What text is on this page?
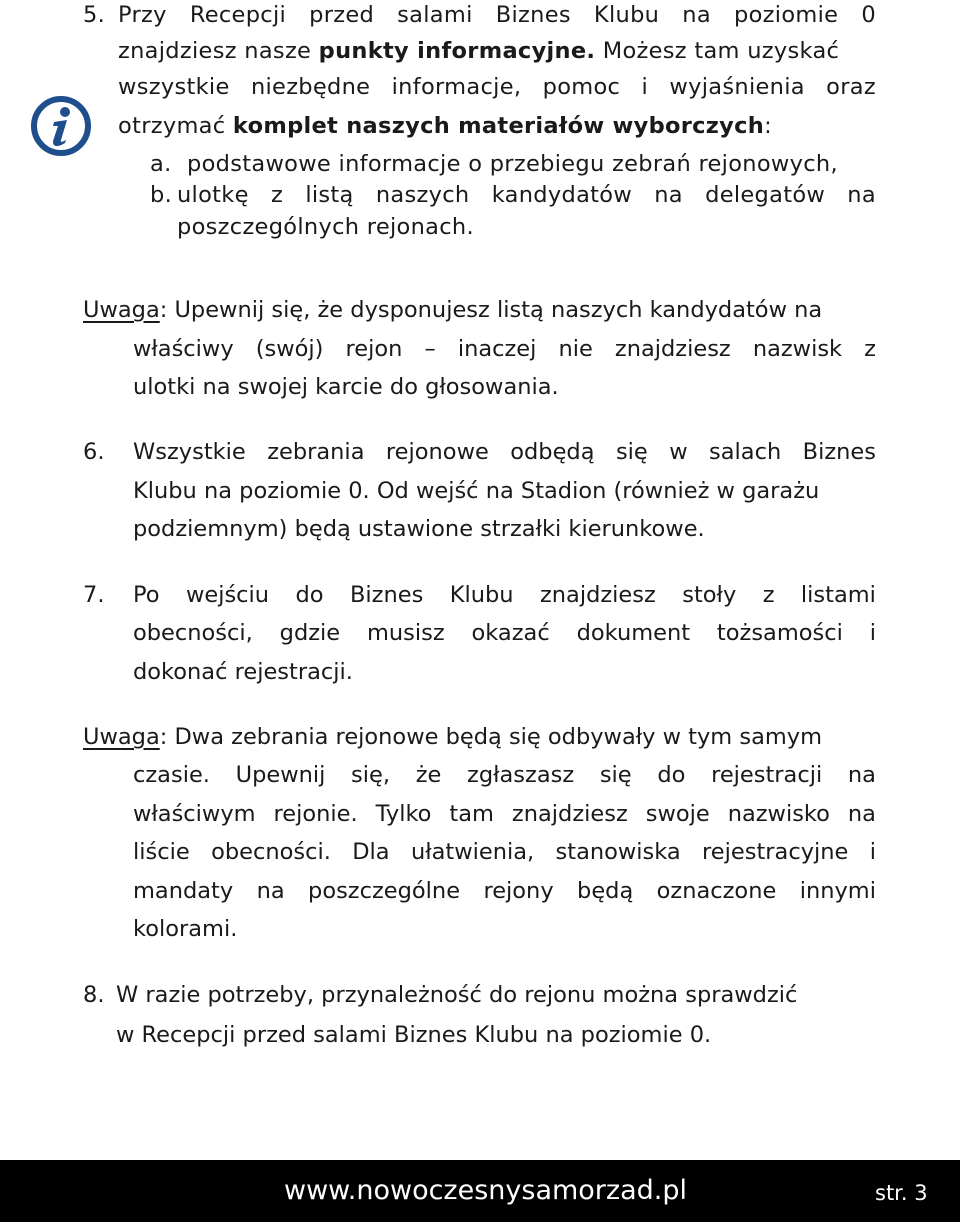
5. Przy Recepcji przed salami Biznes Klubu na poziomie 0
znajdziesz nasze punkty informacyjne. Możesz tam uzyskać
wszystkie niezbędne informacje, pomoc i wyjaśnienia oraz
otrzymać komplet naszych materiałów wyborczych:
a. podstawowe informacje o przebiegu zebrań rejonowych,
b. ulotkę z listą naszych kandydatów na delegatów na
poszczególnych rejonach.
Uwaga: Upewnij się, że dysponujesz listą naszych kandydatów na
właściwy (swój) rejon – inaczej nie znajdziesz nazwisk z
ulotki na swojej karcie do głosowania.
6. Wszystkie zebrania rejonowe odbędą się w salach Biznes
Klubu na poziomie 0. Od wejść na Stadion (również w garażu
podziemnym) będą ustawione strzałki kierunkowe.
7. Po wejściu do Biznes Klubu znajdziesz stoły z listami
obecności, gdzie musisz okazać dokument tożsamości i
dokonać rejestracji.
Uwaga: Dwa zebrania rejonowe będą się odbywały w tym samym
czasie. Upewnij się, że zgłaszasz się do rejestracji na
właściwym rejonie. Tylko tam znajdziesz swoje nazwisko na
liście obecności. Dla ułatwienia, stanowiska rejestracyjne i
mandaty na poszczególne rejony będą oznaczone innymi
kolorami.
8. W razie potrzeby, przynależność do rejonu można sprawdzić
w Recepcji przed salami Biznes Klubu na poziomie 0.
www.nowoczesnysamorzad.pl	str. 3
